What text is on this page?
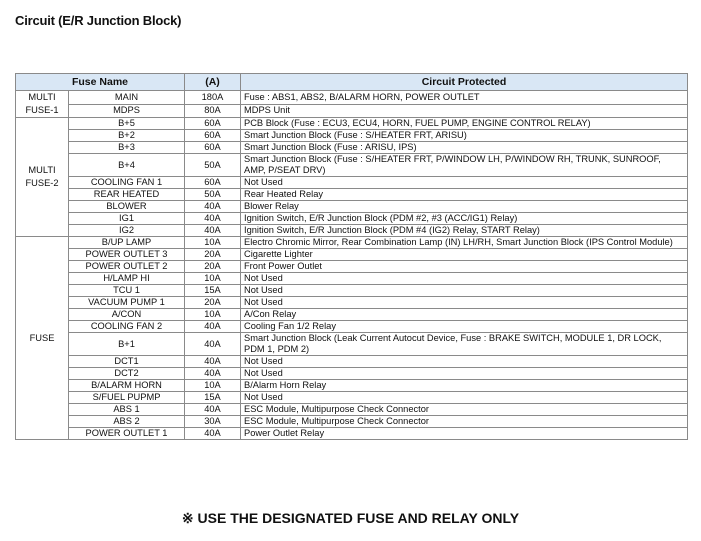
Circuit (E/R Junction Block)
Fuse Name		(A)	Circuit Protected
MULTI
FUSE-1	MAIN	180A	Fuse : ABS1, ABS2, B/ALARM HORN, POWER OUTLET
	MDPS	80A	MDPS Unit
MULTI
FUSE-2	B+5	60A	PCB Block (Fuse : ECU3, ECU4, HORN, FUEL PUMP, ENGINE CONTROL RELAY)
	B+2	60A	Smart Junction Block (Fuse : S/HEATER FRT, ARISU)
	B+3	60A	Smart Junction Block (Fuse : ARISU, IPS)
	B+4	50A	Smart Junction Block (Fuse : S/HEATER FRT, P/WINDOW LH, P/WINDOW RH, TRUNK, SUNROOF, AMP, P/SEAT DRV)
	COOLING FAN 1	60A	Not Used
	REAR HEATED	50A	Rear Heated Relay
	BLOWER	40A	Blower Relay
	IG1	40A	Ignition Switch, E/R Junction Block (PDM #2, #3 (ACC/IG1) Relay)
	IG2	40A	Ignition Switch, E/R Junction Block (PDM #4 (IG2) Relay, START Relay)
FUSE	B/UP LAMP	10A	Electro Chromic Mirror, Rear Combination Lamp (IN) LH/RH, Smart Junction Block (IPS Control Module)
	POWER OUTLET 3	20A	Cigarette Lighter
	POWER OUTLET 2	20A	Front Power Outlet
	H/LAMP HI	10A	Not Used
	TCU 1	15A	Not Used
	VACUUM PUMP 1	20A	Not Used
	A/CON	10A	A/Con Relay
	COOLING FAN 2	40A	Cooling Fan 1/2 Relay
	B+1	40A	Smart Junction Block (Leak Current Autocut Device, Fuse : BRAKE SWITCH, MODULE 1, DR LOCK, PDM 1, PDM 2)
	DCT1	40A	Not Used
	DCT2	40A	Not Used
	B/ALARM HORN	10A	B/Alarm Horn Relay
	S/FUEL PUPMP	15A	Not Used
	ABS 1	40A	ESC Module, Multipurpose Check Connector
	ABS 2	30A	ESC Module, Multipurpose Check Connector
	POWER OUTLET 1	40A	Power Outlet Relay
※ USE THE DESIGNATED FUSE AND RELAY ONLY
